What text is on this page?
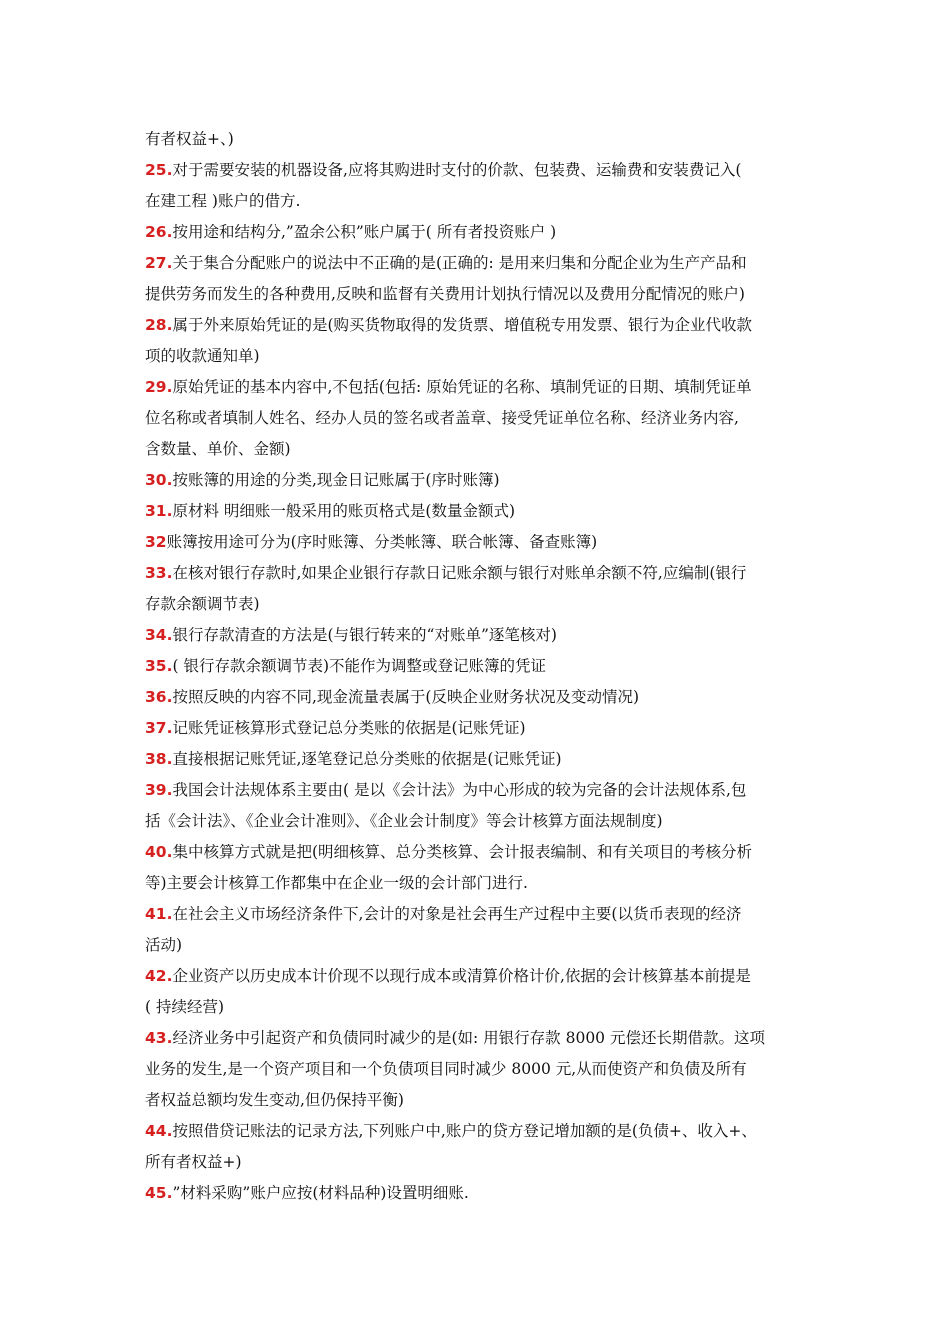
有者权益+、)
25.对于需要安装的机器设备,应将其购进时支付的价款、包装费、运输费和安装费记入(
在建工程 )账户的借方.
26.按用途和结构分,”盈余公积”账户属于( 所有者投资账户 )
27.关于集合分配账户的说法中不正确的是(正确的: 是用来归集和分配企业为生产产品和
提供劳务而发生的各种费用,反映和监督有关费用计划执行情况以及费用分配情况的账户)
28.属于外来原始凭证的是(购买货物取得的发货票、增值税专用发票、银行为企业代收款
项的收款通知单)
29.原始凭证的基本内容中,不包括(包括: 原始凭证的名称、填制凭证的日期、填制凭证单
位名称或者填制人姓名、经办人员的签名或者盖章、接受凭证单位名称、经济业务内容,
含数量、单价、金额)
30.按账簿的用途的分类,现金日记账属于(序时账簿)
31.原材料 明细账一般采用的账页格式是(数量金额式)
32账簿按用途可分为(序时账簿、分类帐簿、联合帐簿、备查账簿)
33.在核对银行存款时,如果企业银行存款日记账余额与银行对账单余额不符,应编制(银行
存款余额调节表)
34.银行存款清查的方法是(与银行转来的“对账单”逐笔核对)
35.( 银行存款余额调节表)不能作为调整或登记账簿的凭证
36.按照反映的内容不同,现金流量表属于(反映企业财务状况及变动情况)
37.记账凭证核算形式登记总分类账的依据是(记账凭证)
38.直接根据记账凭证,逐笔登记总分类账的依据是(记账凭证)
39.我国会计法规体系主要由( 是以《会计法》为中心形成的较为完备的会计法规体系,包
括《会计法》、《企业会计准则》、《企业会计制度》等会计核算方面法规制度)
40.集中核算方式就是把(明细核算、总分类核算、会计报表编制、和有关项目的考核分析
等)主要会计核算工作都集中在企业一级的会计部门进行.
41.在社会主义市场经济条件下,会计的对象是社会再生产过程中主要(以货币表现的经济
活动)
42.企业资产以历史成本计价现不以现行成本或清算价格计价,依据的会计核算基本前提是
( 持续经营)
43.经济业务中引起资产和负债同时减少的是(如: 用银行存款 8000 元偿还长期借款。这项
业务的发生,是一个资产项目和一个负债项目同时减少 8000 元,从而使资产和负债及所有
者权益总额均发生变动,但仍保持平衡)
44.按照借贷记账法的记录方法,下列账户中,账户的贷方登记增加额的是(负债+、收入+、
所有者权益+)
45.”材料采购”账户应按(材料品种)设置明细账.
